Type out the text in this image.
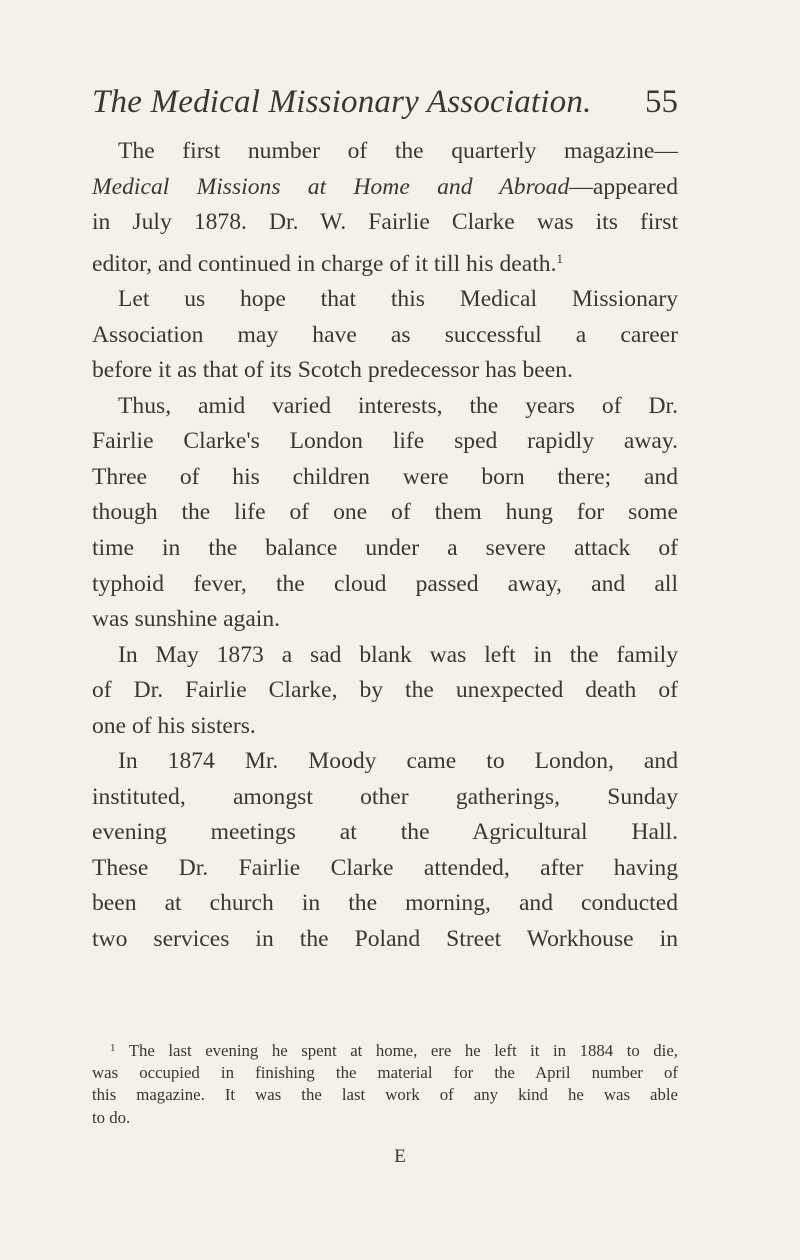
The Medical Missionary Association. 55
The first number of the quarterly magazine—
Medical Missions at Home and Abroad—appeared
in July 1878. Dr. W. Fairlie Clarke was its first
editor, and continued in charge of it till his death.$^1$
Let us hope that this Medical Missionary
Association may have as successful a career
before it as that of its Scotch predecessor has been.
Thus, amid varied interests, the years of Dr.
Fairlie Clarke's London life sped rapidly away.
Three of his children were born there; and
though the life of one of them hung for some
time in the balance under a severe attack of
typhoid fever, the cloud passed away, and all
was sunshine again.
In May 1873 a sad blank was left in the family
of Dr. Fairlie Clarke, by the unexpected death of
one of his sisters.
In 1874 Mr. Moody came to London, and
instituted, amongst other gatherings, Sunday
evening meetings at the Agricultural Hall.
These Dr. Fairlie Clarke attended, after having
been at church in the morning, and conducted
two services in the Poland Street Workhouse in
$^1$ The last evening he spent at home, ere he left it in 1884 to die,
was occupied in finishing the material for the April number of
this magazine. It was the last work of any kind he was able
to do.
E
